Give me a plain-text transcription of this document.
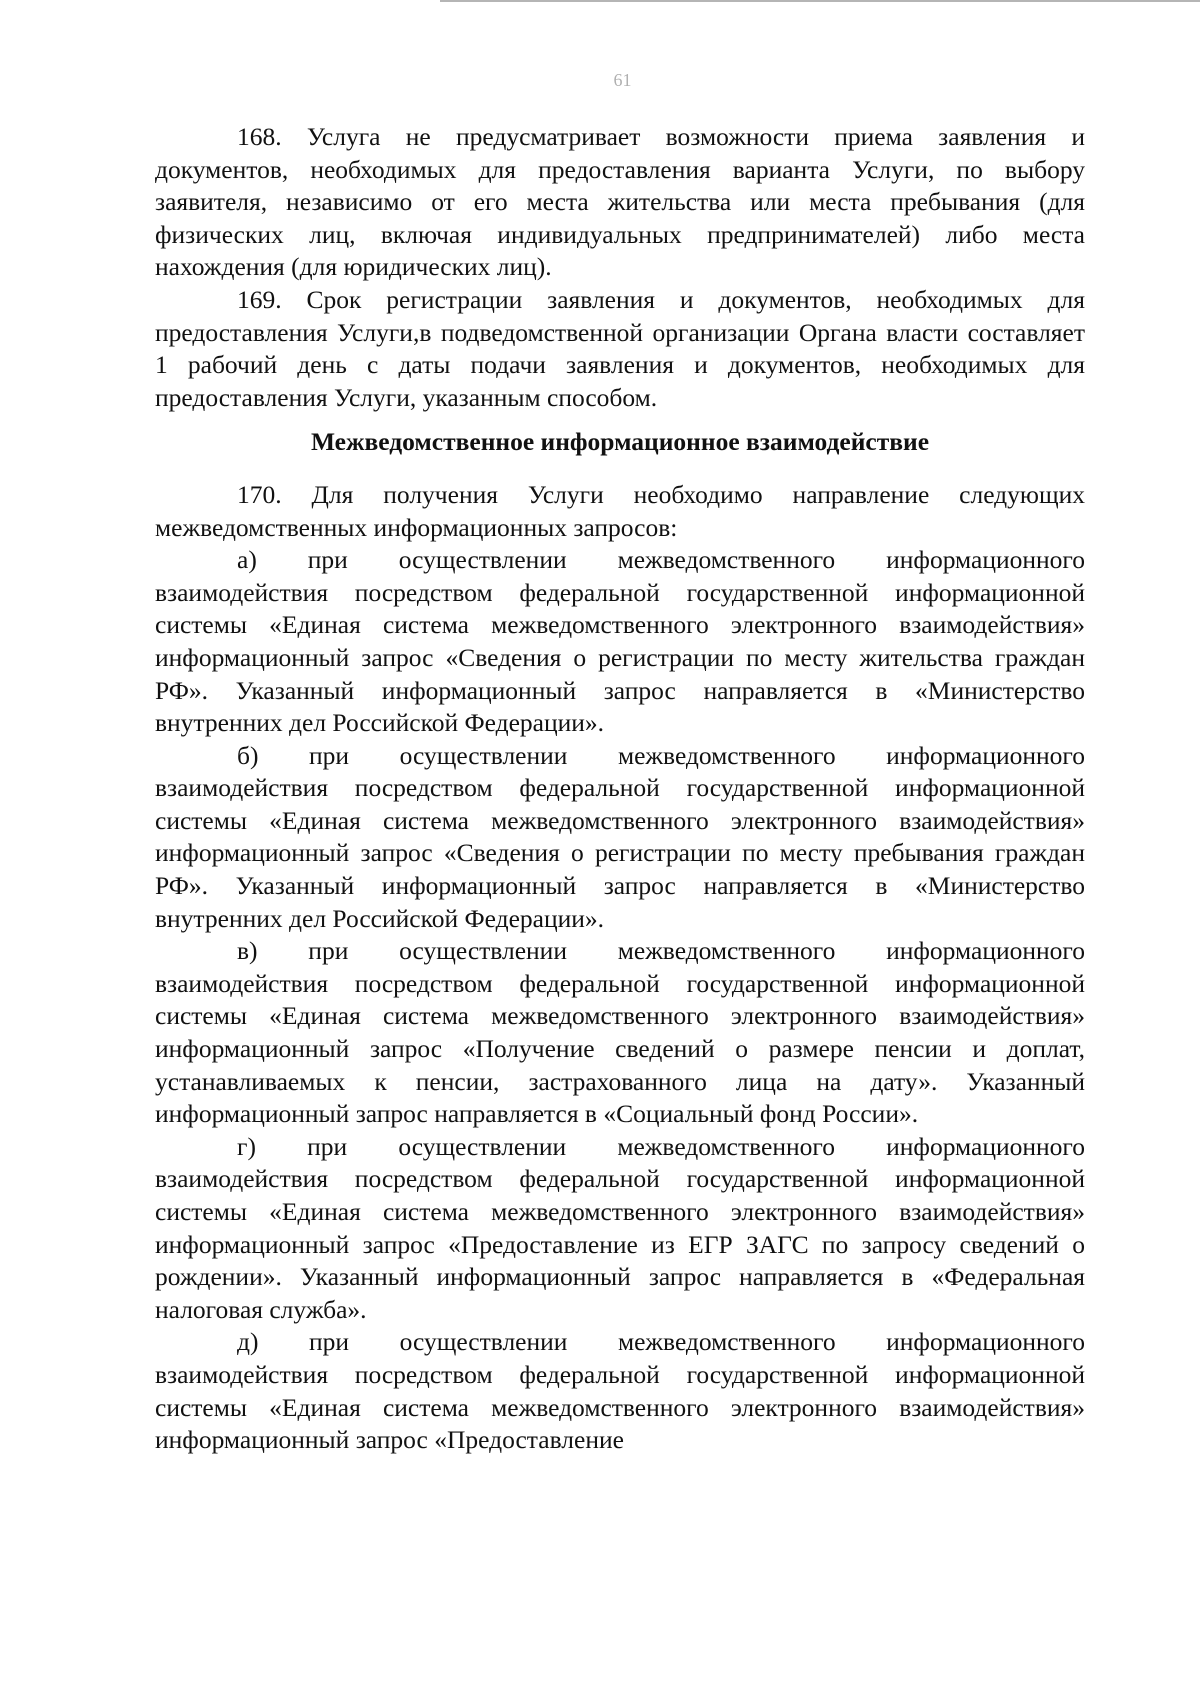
61

168. Услуга не предусматривает возможности приема заявления и документов, необходимых для предоставления варианта Услуги, по выбору заявителя, независимо от его места жительства или места пребывания (для физических лиц, включая индивидуальных предпринимателей) либо места нахождения (для юридических лиц).

169. Срок регистрации заявления и документов, необходимых для предоставления Услуги,в подведомственной организации Органа власти составляет 1 рабочий день с даты подачи заявления и документов, необходимых для предоставления Услуги, указанным способом.

Межведомственное информационное взаимодействие

170. Для получения Услуги необходимо направление следующих межведомственных информационных запросов:

а) при осуществлении межведомственного информационного взаимодействия посредством федеральной государственной информационной системы «Единая система межведомственного электронного взаимодействия» информационный запрос «Сведения о регистрации по месту жительства граждан РФ». Указанный информационный запрос направляется в «Министерство внутренних дел Российской Федерации».

б) при осуществлении межведомственного информационного взаимодействия посредством федеральной государственной информационной системы «Единая система межведомственного электронного взаимодействия» информационный запрос «Сведения о регистрации по месту пребывания граждан РФ». Указанный информационный запрос направляется в «Министерство внутренних дел Российской Федерации».

в) при осуществлении межведомственного информационного взаимодействия посредством федеральной государственной информационной системы «Единая система межведомственного электронного взаимодействия» информационный запрос «Получение сведений о размере пенсии и доплат, устанавливаемых к пенсии, застрахованного лица на дату». Указанный информационный запрос направляется в «Социальный фонд России».

г) при осуществлении межведомственного информационного взаимодействия посредством федеральной государственной информационной системы «Единая система межведомственного электронного взаимодействия» информационный запрос «Предоставление из ЕГР ЗАГС по запросу сведений о рождении». Указанный информационный запрос направляется в «Федеральная налоговая служба».

д) при осуществлении межведомственного информационного взаимодействия посредством федеральной государственной информационной системы «Единая система межведомственного электронного взаимодействия» информационный запрос «Предоставление
